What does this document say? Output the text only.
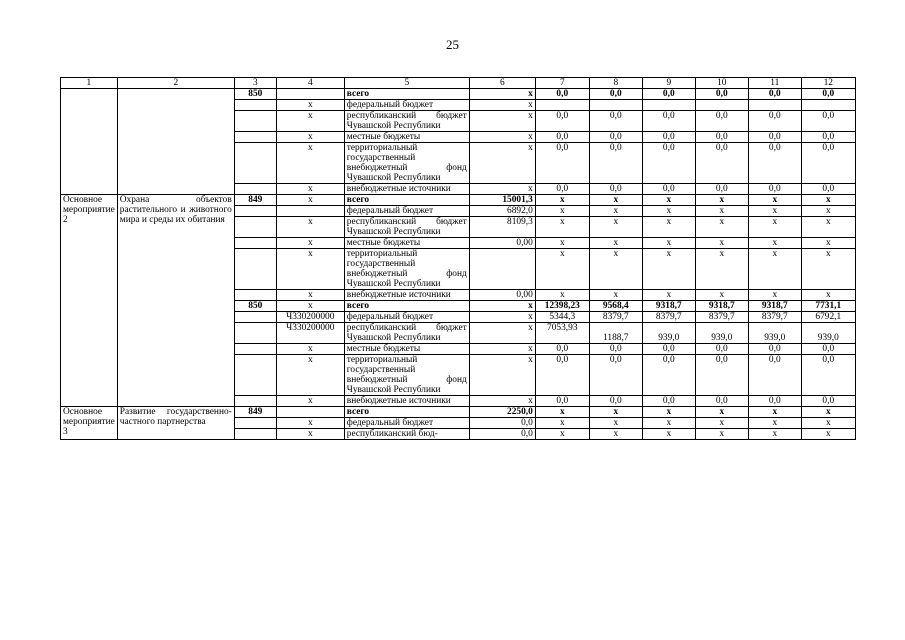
25
1	2	3	4	5	6	7	8	9	10	11	12
		850		всего	х	0,0	0,0	0,0	0,0	0,0	0,0
			х	федеральный бюджет	х						
			х	республиканский бюджет Чувашской Республики	х	0,0	0,0	0,0	0,0	0,0	0,0
			х	местные бюджеты	х	0,0	0,0	0,0	0,0	0,0	0,0
			х	территориальный государственный внебюджетный фонд Чувашской Республики	х	0,0	0,0	0,0	0,0	0,0	0,0
			х	внебюджетные источники	х	0,0	0,0	0,0	0,0	0,0	0,0
Основное мероприятие 2	Охрана объектов растительного и животного мира и среды их обитания	849	х	всего	15001,3	х	х	х	х	х	х
				федеральный бюджет	6892,0	х	х	х	х	х	х
			х	республиканский бюджет Чувашской Республики	8109,3	х	х	х	х	х	х
			х	местные бюджеты	0,00	х	х	х	х	х	х
			х	территориальный государственный внебюджетный фонд Чувашской Республики		х	х	х	х	х	х
			х	внебюджетные источники	0,00	х	х	х	х	х	х
		850	х	всего	х	12398,23	9568,4	9318,7	9318,7	9318,7	7731,1
			Ч330200000	федеральный бюджет	х	5344,3	8379,7	8379,7	8379,7	8379,7	6792,1
			Ч330200000	республиканский бюджет Чувашской Республики	х	7053,93	1188,7	939,0	939,0	939,0	939,0
			х	местные бюджеты	х	0,0	0,0	0,0	0,0	0,0	0,0
			х	территориальный государственный внебюджетный фонд Чувашской Республики	х	0,0	0,0	0,0	0,0	0,0	0,0
			х	внебюджетные источники	х	0,0	0,0	0,0	0,0	0,0	0,0
Основное мероприятие 3	Развитие государственно-частного партнерства	849		всего	2250,0	х	х	х	х	х	х
			х	федеральный бюджет	0,0	х	х	х	х	х	х
			х	республиканский бюд-	0,0	х	х	х	х	х	х
